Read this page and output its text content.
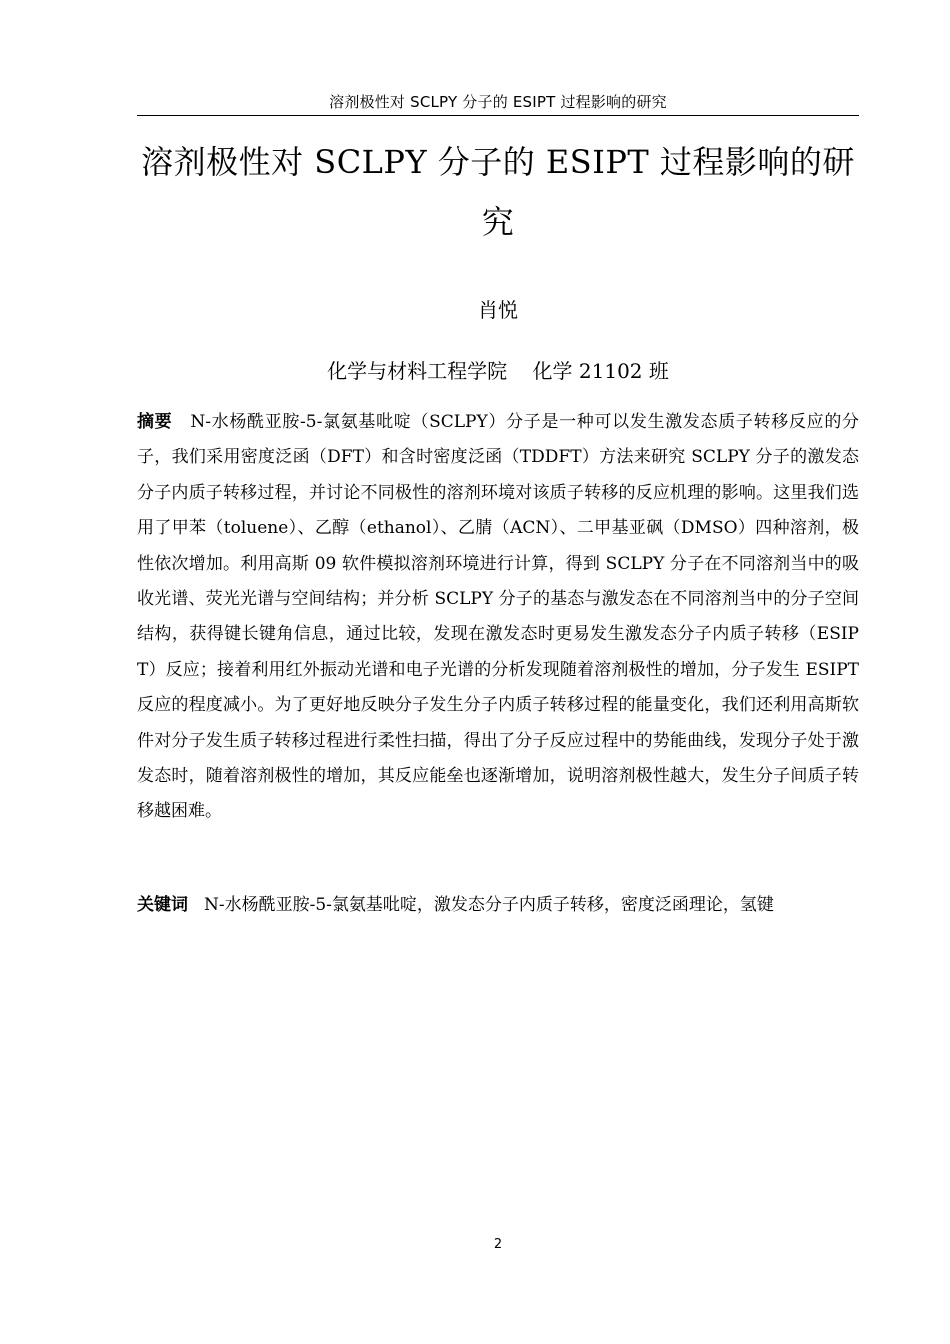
溶剂极性对 SCLPY 分子的 ESIPT 过程影响的研究
溶剂极性对 SCLPY 分子的 ESIPT 过程影响的研究
肖悦
化学与材料工程学院 化学 21102 班

摘要 N-水杨酰亚胺-5-氯氨基吡啶（SCLPY）分子是一种可以发生激发态质子转移反应的分子，我们采用密度泛函（DFT）和含时密度泛函（TDDFT）方法来研究 SCLPY 分子的激发态分子内质子转移过程，并讨论不同极性的溶剂环境对该质子转移的反应机理的影响。这里我们选用了甲苯（toluene）、乙醇（ethanol）、乙腈（ACN）、二甲基亚砜（DMSO）四种溶剂，极性依次增加。利用高斯 09 软件模拟溶剂环境进行计算，得到 SCLPY 分子在不同溶剂当中的吸收光谱、荧光光谱与空间结构；并分析 SCLPY 分子的基态与激发态在不同溶剂当中的分子空间结构，获得键长键角信息，通过比较，发现在激发态时更易发生激发态分子内质子转移（ESIPT）反应；接着利用红外振动光谱和电子光谱的分析发现随着溶剂极性的增加，分子发生 ESIPT 反应的程度减小。为了更好地反映分子发生分子内质子转移过程的能量变化，我们还利用高斯软件对分子发生质子转移过程进行柔性扫描，得出了分子反应过程中的势能曲线，发现分子处于激发态时，随着溶剂极性的增加，其反应能垒也逐渐增加，说明溶剂极性越大，发生分子间质子转移越困难。

关键词 N-水杨酰亚胺-5-氯氨基吡啶，激发态分子内质子转移，密度泛函理论，氢键

2
